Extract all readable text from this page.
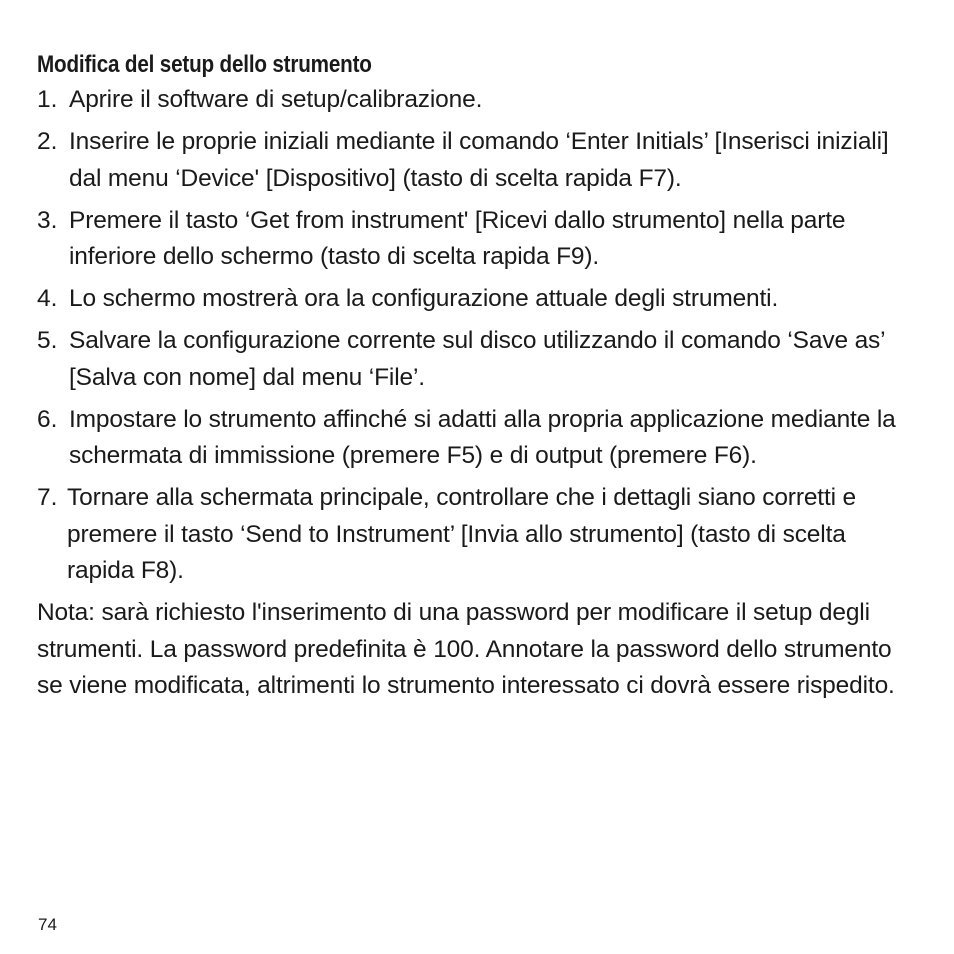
Modifica del setup dello strumento
1. Aprire il software di setup/calibrazione.
2. Inserire le proprie iniziali mediante il comando ‘Enter Initials’ [Inserisci iniziali] dal menu ‘Device' [Dispositivo] (tasto di scelta rapida F7).
3. Premere il tasto ‘Get from instrument' [Ricevi dallo strumento] nella parte inferiore dello schermo (tasto di scelta rapida F9).
4. Lo schermo mostrerà ora la configurazione attuale degli strumenti.
5. Salvare la configurazione corrente sul disco utilizzando il comando ‘Save as’ [Salva con nome] dal menu ‘File’.
6. Impostare lo strumento affinché si adatti alla propria applicazione mediante la schermata di immissione (premere F5) e di output (premere F6).
7. Tornare alla schermata principale, controllare che i dettagli siano corretti e premere il tasto ‘Send to Instrument’ [Invia allo strumento] (tasto di scelta rapida F8).

Nota: sarà richiesto l'inserimento di una password per modificare il setup degli strumenti. La password predefinita è 100. Annotare la password dello strumento se viene modificata, altrimenti lo strumento interessato ci dovrà essere rispedito.

74
